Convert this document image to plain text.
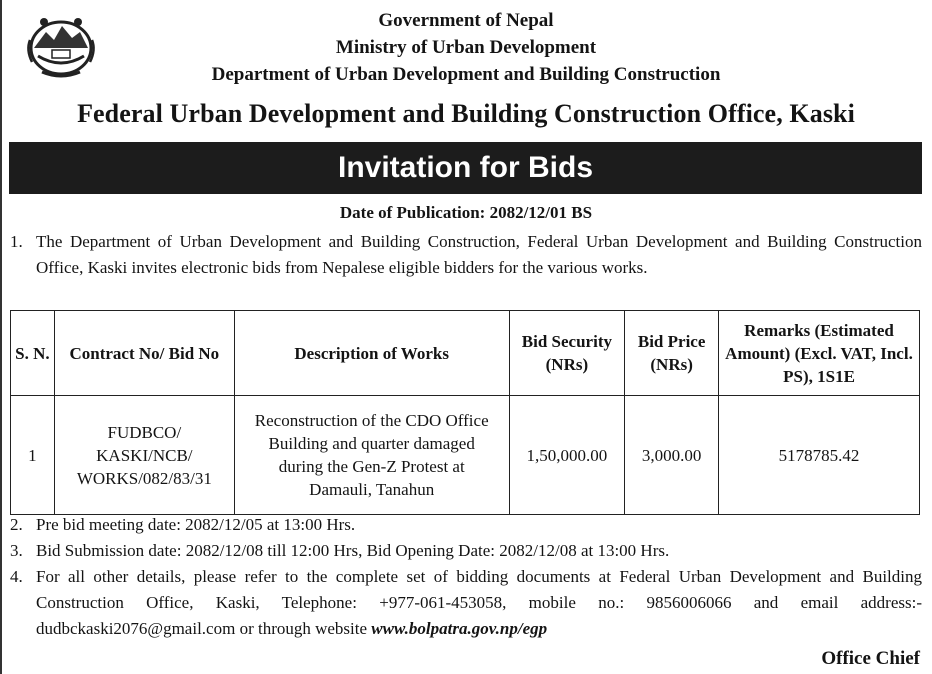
Government of Nepal
Ministry of Urban Development
Department of Urban Development and Building Construction
Federal Urban Development and Building Construction Office, Kaski
Invitation for Bids
Date of Publication: 2082/12/01 BS
1. The Department of Urban Development and Building Construction, Federal Urban Development and Building Construction Office, Kaski invites electronic bids from Nepalese eligible bidders for the various works.
S. N.	Contract No/ Bid No	Description of Works	Bid Security (NRs)	Bid Price (NRs)	Remarks (Estimated Amount) (Excl. VAT, Incl. PS), 1S1E
1	FUDBCO/ KASKI/NCB/ WORKS/082/83/31	Reconstruction of the CDO Office Building and quarter damaged during the Gen-Z Protest at Damauli, Tanahun	1,50,000.00	3,000.00	5178785.42
2. Pre bid meeting date: 2082/12/05 at 13:00 Hrs.
3. Bid Submission date: 2082/12/08 till 12:00 Hrs, Bid Opening Date: 2082/12/08 at 13:00 Hrs.
4. For all other details, please refer to the complete set of bidding documents at Federal Urban Development and Building Construction Office, Kaski, Telephone: +977-061-453058, mobile no.: 9856006066 and email address:- dudbckaski2076@gmail.com or through website www.bolpatra.gov.np/egp
Office Chief
